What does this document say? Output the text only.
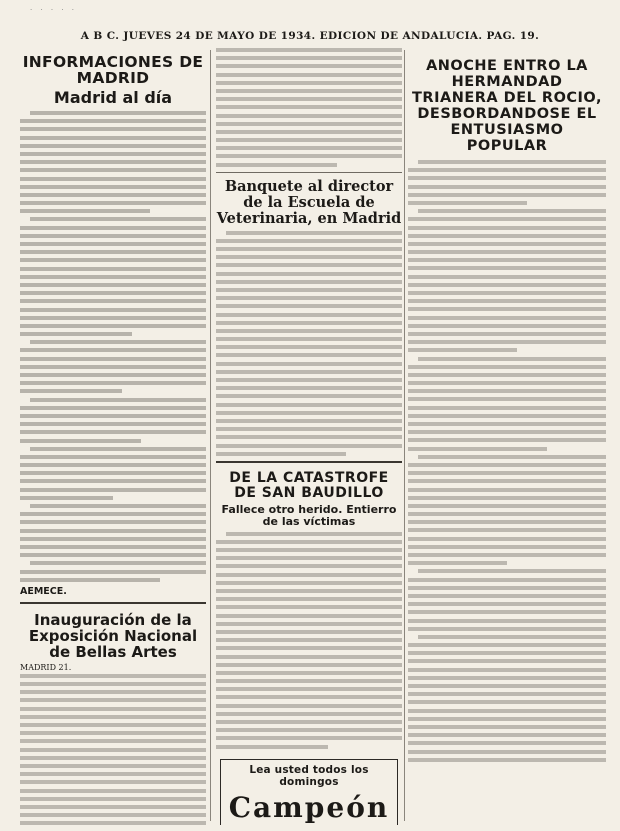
· · · · ·
A B C. JUEVES 24 DE MAYO DE 1934. EDICION DE ANDALUCIA. PAG. 19.
INFORMACIONES DE MADRID
Madrid al día
AEMECE.
Inauguración de la Exposición Nacional de Bellas Artes
MADRID 21.
Banquete al director de la Escuela de Veterinaria, en Madrid
DE LA CATASTROFE DE SAN BAUDILLO
Fallece otro herido. Entierro de las víctimas
Lea usted todos los domingos
Campeón
ANOCHE ENTRO LA HERMANDAD TRIANERA DEL ROCIO, DESBORDANDOSE EL ENTUSIASMO POPULAR
